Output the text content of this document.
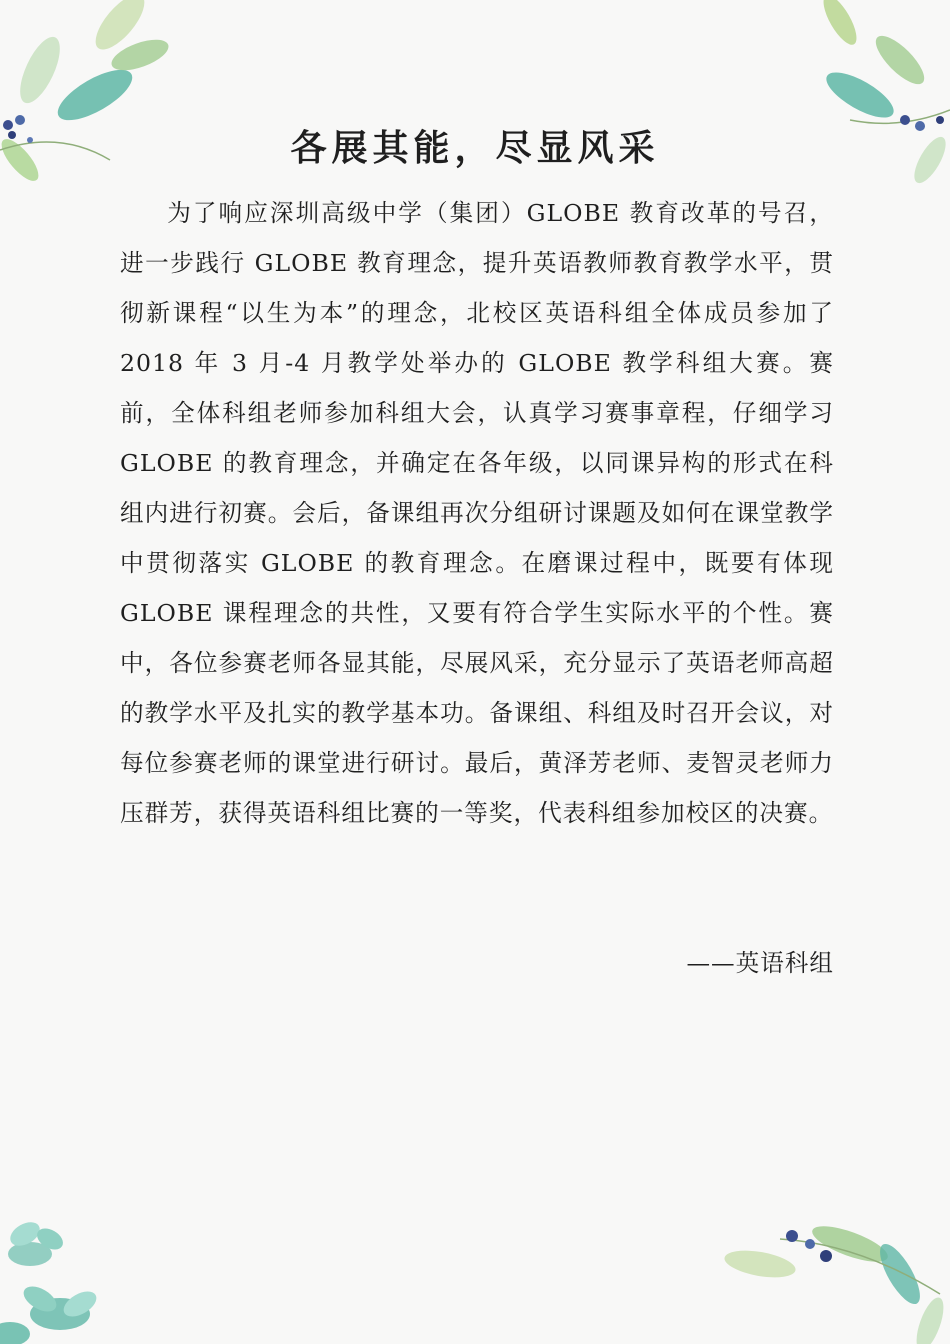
各展其能，尽显风采

为了响应深圳高级中学（集团）GLOBE 教育改革的号召，进一步践行 GLOBE 教育理念，提升英语教师教育教学水平，贯彻新课程“以生为本”的理念，北校区英语科组全体成员参加了 2018 年 3 月-4 月教学处举办的 GLOBE 教学科组大赛。赛前，全体科组老师参加科组大会，认真学习赛事章程，仔细学习 GLOBE 的教育理念，并确定在各年级，以同课异构的形式在科组内进行初赛。会后，备课组再次分组研讨课题及如何在课堂教学中贯彻落实 GLOBE 的教育理念。在磨课过程中，既要有体现 GLOBE 课程理念的共性，又要有符合学生实际水平的个性。赛中，各位参赛老师各显其能，尽展风采，充分显示了英语老师高超的教学水平及扎实的教学基本功。备课组、科组及时召开会议，对每位参赛老师的课堂进行研讨。最后，黄泽芳老师、麦智灵老师力压群芳，获得英语科组比赛的一等奖，代表科组参加校区的决赛。

——英语科组
